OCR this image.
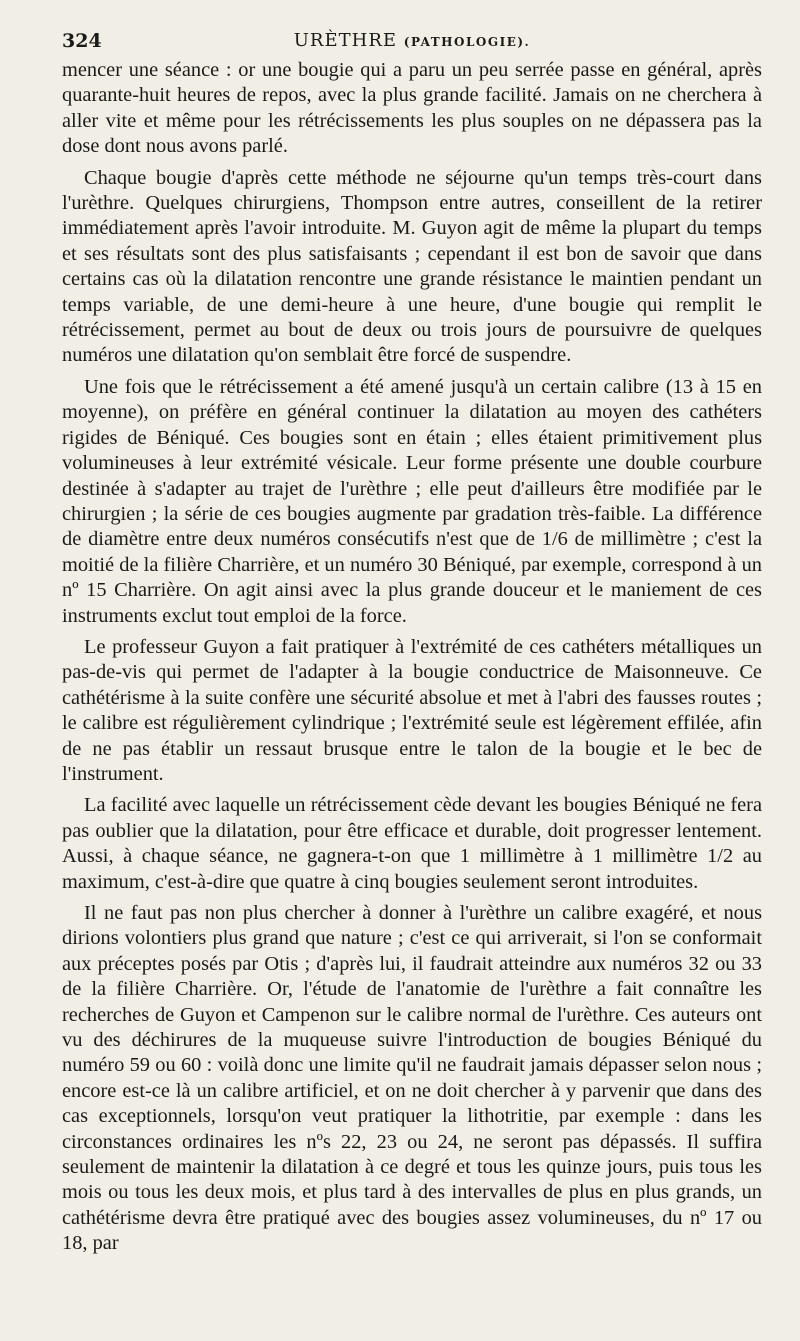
324	URÈTHRE (PATHOLOGIE).

mencer une séance : or une bougie qui a paru un peu serrée passe en général, après quarante-huit heures de repos, avec la plus grande facilité. Jamais on ne cherchera à aller vite et même pour les rétrécissements les plus souples on ne dépassera pas la dose dont nous avons parlé.

Chaque bougie d'après cette méthode ne séjourne qu'un temps très-court dans l'urèthre. Quelques chirurgiens, Thompson entre autres, conseillent de la retirer immédiatement après l'avoir introduite. M. Guyon agit de même la plupart du temps et ses résultats sont des plus satisfaisants ; cependant il est bon de savoir que dans certains cas où la dilatation rencontre une grande résistance le maintien pendant un temps variable, de une demi-heure à une heure, d'une bougie qui remplit le rétrécissement, permet au bout de deux ou trois jours de poursuivre de quelques numéros une dilatation qu'on semblait être forcé de suspendre.

Une fois que le rétrécissement a été amené jusqu'à un certain calibre (13 à 15 en moyenne), on préfère en général continuer la dilatation au moyen des cathéters rigides de Béniqué. Ces bougies sont en étain ; elles étaient primitivement plus volumineuses à leur extrémité vésicale. Leur forme présente une double courbure destinée à s'adapter au trajet de l'urèthre ; elle peut d'ailleurs être modifiée par le chirurgien ; la série de ces bougies augmente par gradation très-faible. La différence de diamètre entre deux numéros consécutifs n'est que de 1/6 de millimètre ; c'est la moitié de la filière Charrière, et un numéro 30 Béniqué, par exemple, correspond à un nº 15 Charrière. On agit ainsi avec la plus grande douceur et le maniement de ces instruments exclut tout emploi de la force.

Le professeur Guyon a fait pratiquer à l'extrémité de ces cathéters métalliques un pas-de-vis qui permet de l'adapter à la bougie conductrice de Maisonneuve. Ce cathétérisme à la suite confère une sécurité absolue et met à l'abri des fausses routes ; le calibre est régulièrement cylindrique ; l'extrémité seule est légèrement effilée, afin de ne pas établir un ressaut brusque entre le talon de la bougie et le bec de l'instrument.

La facilité avec laquelle un rétrécissement cède devant les bougies Béniqué ne fera pas oublier que la dilatation, pour être efficace et durable, doit progresser lentement. Aussi, à chaque séance, ne gagnera-t-on que 1 millimètre à 1 millimètre 1/2 au maximum, c'est-à-dire que quatre à cinq bougies seulement seront introduites.

Il ne faut pas non plus chercher à donner à l'urèthre un calibre exagéré, et nous dirions volontiers plus grand que nature ; c'est ce qui arriverait, si l'on se conformait aux préceptes posés par Otis ; d'après lui, il faudrait atteindre aux numéros 32 ou 33 de la filière Charrière. Or, l'étude de l'anatomie de l'urèthre a fait connaître les recherches de Guyon et Campenon sur le calibre normal de l'urèthre. Ces auteurs ont vu des déchirures de la muqueuse suivre l'introduction de bougies Béniqué du numéro 59 ou 60 : voilà donc une limite qu'il ne faudrait jamais dépasser selon nous ; encore est-ce là un calibre artificiel, et on ne doit chercher à y parvenir que dans des cas exceptionnels, lorsqu'on veut pratiquer la lithotritie, par exemple : dans les circonstances ordinaires les nºs 22, 23 ou 24, ne seront pas dépassés. Il suffira seulement de maintenir la dilatation à ce degré et tous les quinze jours, puis tous les mois ou tous les deux mois, et plus tard à des intervalles de plus en plus grands, un cathétérisme devra être pratiqué avec des bougies assez volumineuses, du nº 17 ou 18, par
